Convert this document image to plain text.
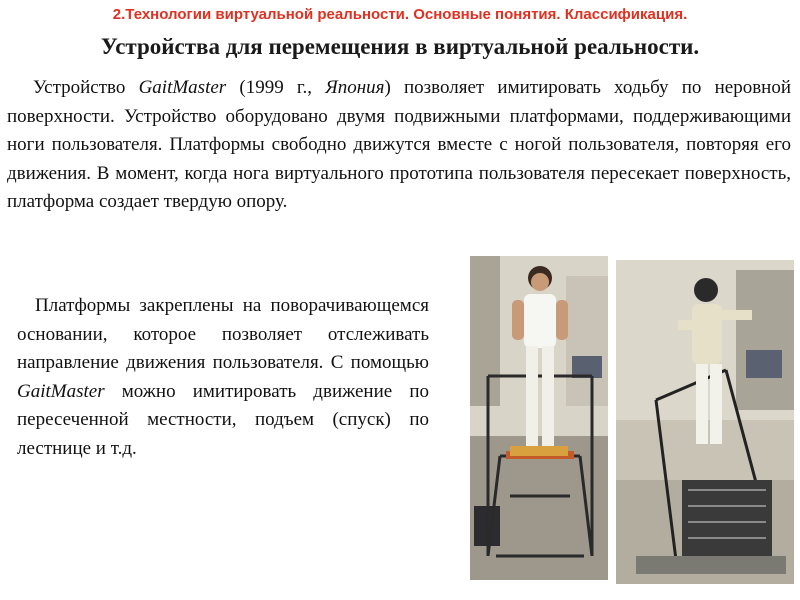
2.Технологии виртуальной реальности. Основные понятия. Классификация.
Устройства для перемещения в виртуальной реальности.
Устройство GaitMaster (1999 г., Япония) позволяет имитировать ходьбу по неровной поверхности. Устройство оборудовано двумя подвижными платформами, поддерживающими ноги пользователя. Платформы свободно движутся вместе с ногой пользователя, повторяя его движения. В момент, когда нога виртуального прототипа пользователя пересекает поверхность, платформа создает твердую опору.
Платформы закреплены на поворачивающемся основании, которое позволяет отслеживать направление движения пользователя. С помощью GaitMaster можно имитировать движение по пересеченной местности, подъем (спуск) по лестнице и т.д.
